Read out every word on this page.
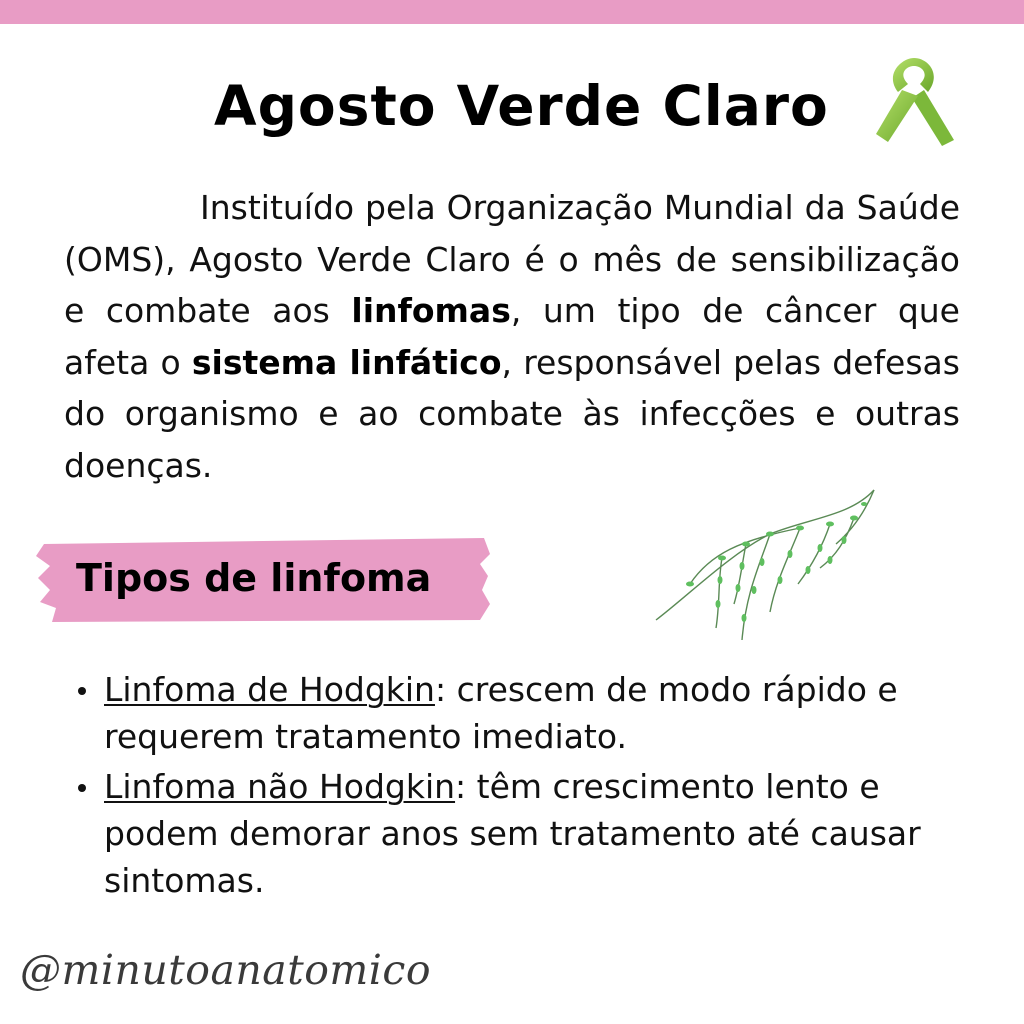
Agosto Verde Claro

Instituído pela Organização Mundial da Saúde (OMS), Agosto Verde Claro é o mês de sensibilização e combate aos linfomas, um tipo de câncer que afeta o sistema linfático, responsável pelas defesas do organismo e ao combate às infecções e outras doenças.

Tipos de linfoma
Linfoma de Hodgkin: crescem de modo rápido e requerem tratamento imediato.
Linfoma não Hodgkin: têm crescimento lento e podem demorar anos sem tratamento até causar sintomas.

@minutoanatomico
